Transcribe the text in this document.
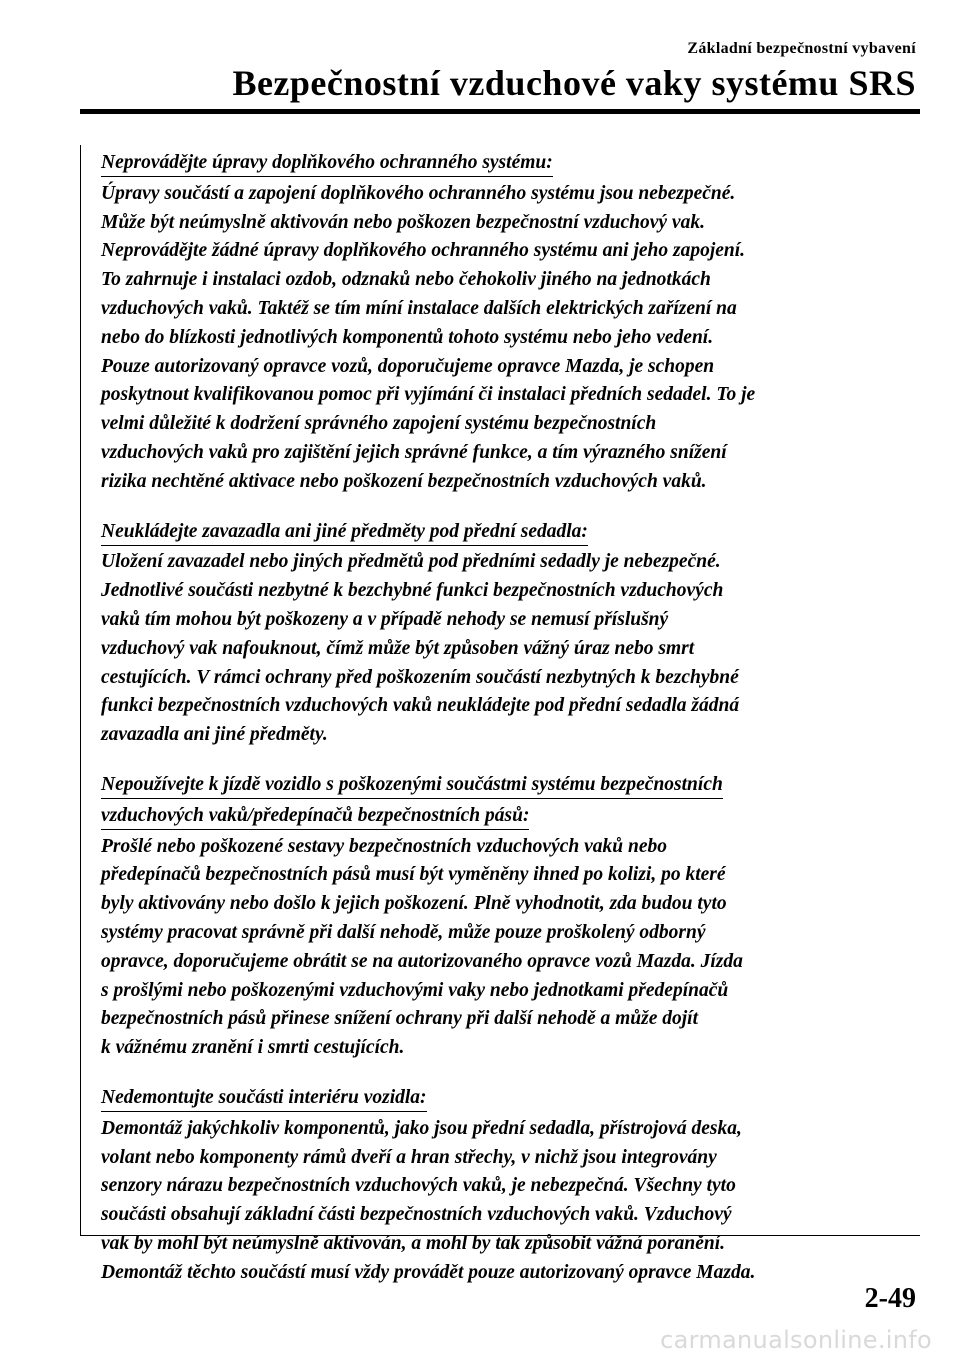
Základní bezpečnostní vybavení
Bezpečnostní vzduchové vaky systému SRS
Neprovádějte úpravy doplňkového ochranného systému:
Úpravy součástí a zapojení doplňkového ochranného systému jsou nebezpečné.
Může být neúmyslně aktivován nebo poškozen bezpečnostní vzduchový vak.
Neprovádějte žádné úpravy doplňkového ochranného systému ani jeho zapojení.
To zahrnuje i instalaci ozdob, odznaků nebo čehokoliv jiného na jednotkách
vzduchových vaků. Taktéž se tím míní instalace dalších elektrických zařízení na
nebo do blízkosti jednotlivých komponentů tohoto systému nebo jeho vedení.
Pouze autorizovaný opravce vozů, doporučujeme opravce Mazda, je schopen
poskytnout kvalifikovanou pomoc při vyjímání či instalaci předních sedadel. To je
velmi důležité k dodržení správného zapojení systému bezpečnostních
vzduchových vaků pro zajištění jejich správné funkce, a tím výrazného snížení
rizika nechtěné aktivace nebo poškození bezpečnostních vzduchových vaků.
Neukládejte zavazadla ani jiné předměty pod přední sedadla:
Uložení zavazadel nebo jiných předmětů pod předními sedadly je nebezpečné.
Jednotlivé součásti nezbytné k bezchybné funkci bezpečnostních vzduchových
vaků tím mohou být poškozeny a v případě nehody se nemusí příslušný
vzduchový vak nafouknout, čímž může být způsoben vážný úraz nebo smrt
cestujících. V rámci ochrany před poškozením součástí nezbytných k bezchybné
funkci bezpečnostních vzduchových vaků neukládejte pod přední sedadla žádná
zavazadla ani jiné předměty.
Nepoužívejte k jízdě vozidlo s poškozenými součástmi systému bezpečnostních
vzduchových vaků/předepínačů bezpečnostních pásů:
Prošlé nebo poškozené sestavy bezpečnostních vzduchových vaků nebo
předepínačů bezpečnostních pásů musí být vyměněny ihned po kolizi, po které
byly aktivovány nebo došlo k jejich poškození. Plně vyhodnotit, zda budou tyto
systémy pracovat správně při další nehodě, může pouze proškolený odborný
opravce, doporučujeme obrátit se na autorizovaného opravce vozů Mazda. Jízda
s prošlými nebo poškozenými vzduchovými vaky nebo jednotkami předepínačů
bezpečnostních pásů přinese snížení ochrany při další nehodě a může dojít
k vážnému zranění i smrti cestujících.
Nedemontujte součásti interiéru vozidla:
Demontáž jakýchkoliv komponentů, jako jsou přední sedadla, přístrojová deska,
volant nebo komponenty rámů dveří a hran střechy, v nichž jsou integrovány
senzory nárazu bezpečnostních vzduchových vaků, je nebezpečná. Všechny tyto
součásti obsahují základní části bezpečnostních vzduchových vaků. Vzduchový
vak by mohl být neúmyslně aktivován, a mohl by tak způsobit vážná poranění.
Demontáž těchto součástí musí vždy provádět pouze autorizovaný opravce Mazda.
2-49
carmanualsonline.info
